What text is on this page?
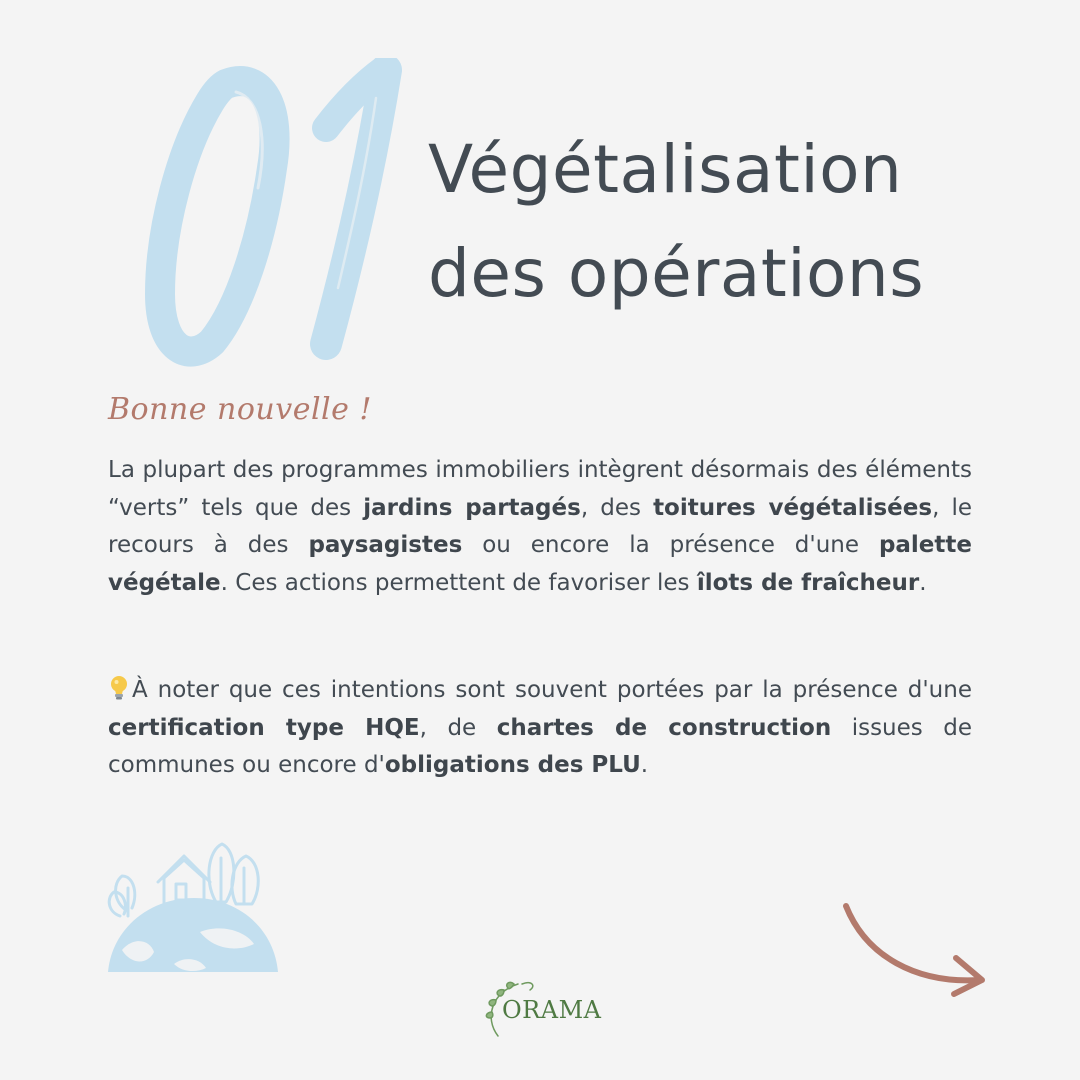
Végétalisation
des opérations
Bonne nouvelle !

La plupart des programmes immobiliers intègrent désormais des éléments “verts” tels que des jardins partagés, des toitures végétalisées, le recours à des paysagistes ou encore la présence d'une palette végétale. Ces actions permettent de favoriser les îlots de fraîcheur.

À noter que ces intentions sont souvent portées par la présence d'une certification type HQE, de chartes de construction issues de communes ou encore d'obligations des PLU.

ORAMA
